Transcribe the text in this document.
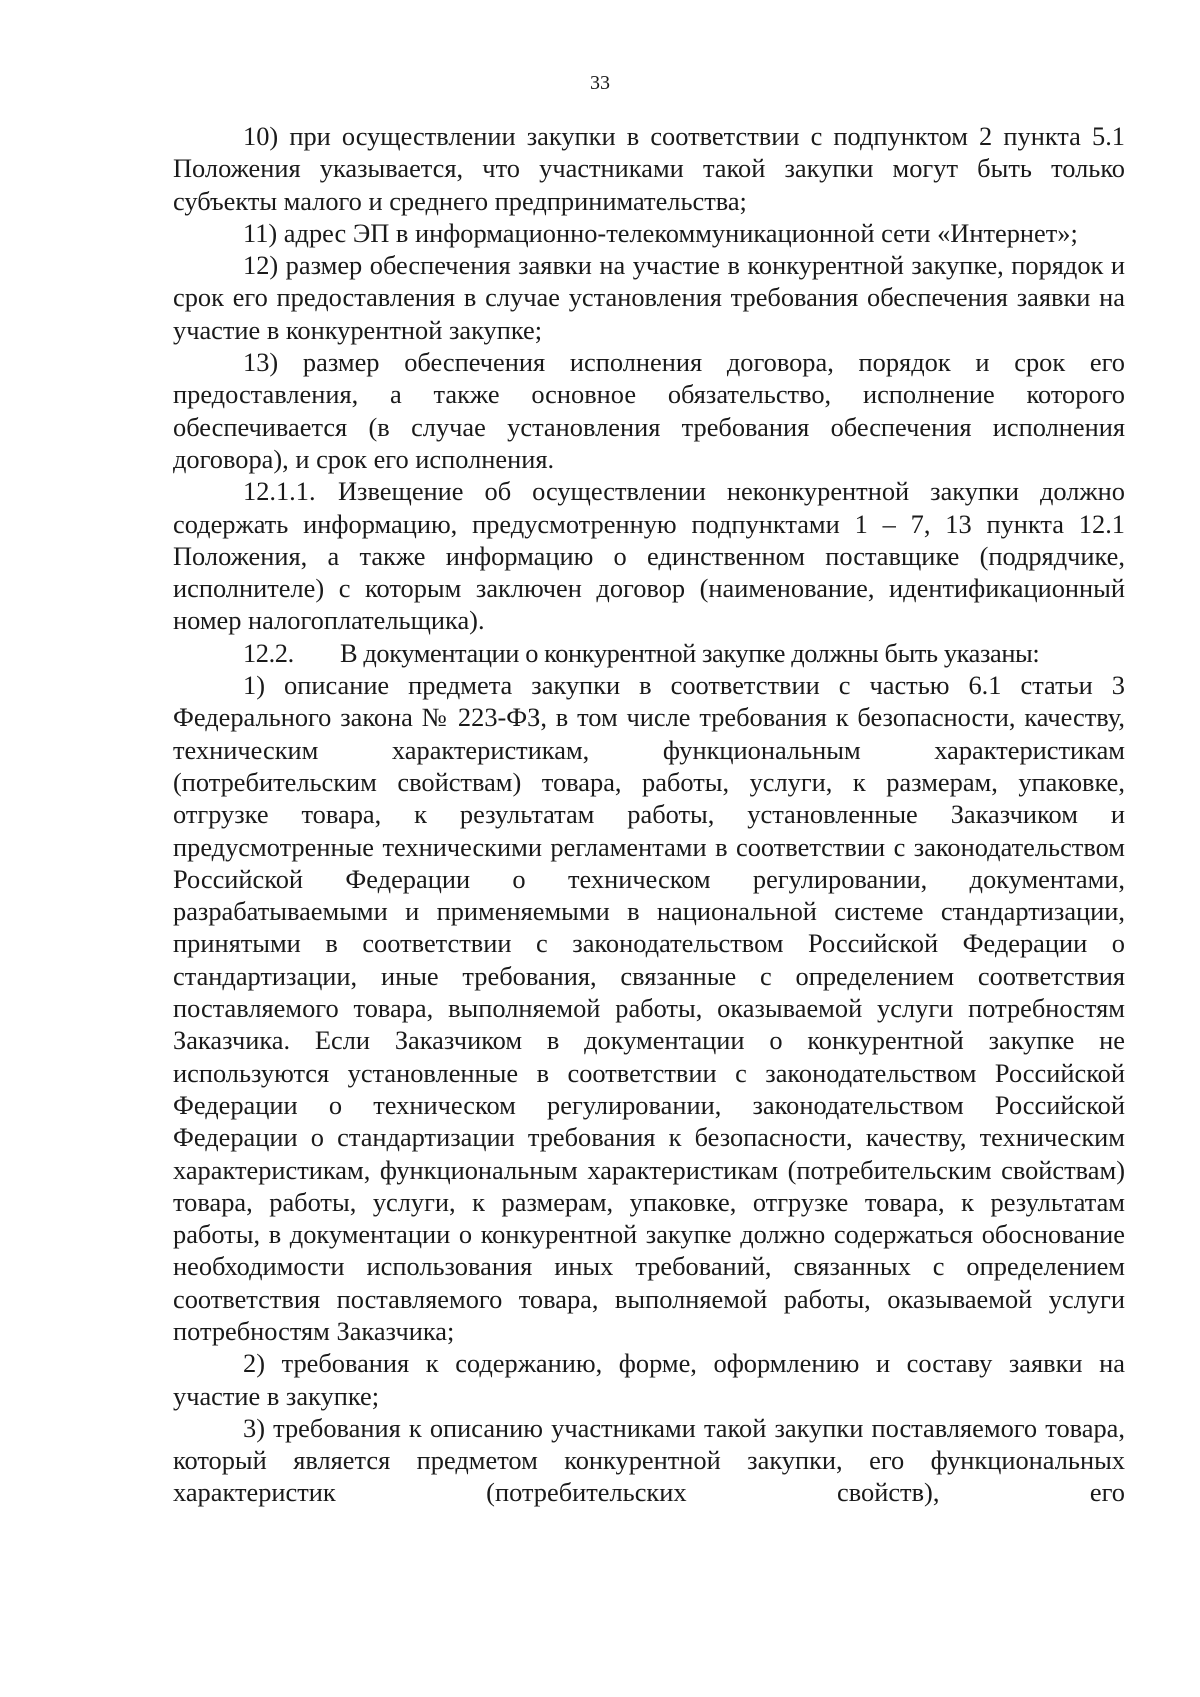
33

10) при осуществлении закупки в соответствии с подпунктом 2 пункта 5.1 Положения указывается, что участниками такой закупки могут быть только субъекты малого и среднего предпринимательства;

11) адрес ЭП в информационно-телекоммуникационной сети «Интернет»;

12) размер обеспечения заявки на участие в конкурентной закупке, порядок и срок его предоставления в случае установления требования обеспечения заявки на участие в конкурентной закупке;

13) размер обеспечения исполнения договора, порядок и срок его предоставления, а также основное обязательство, исполнение которого обеспечивается (в случае установления требования обеспечения исполнения договора), и срок его исполнения.

12.1.1. Извещение об осуществлении неконкурентной закупки должно содержать информацию, предусмотренную подпунктами 1 – 7, 13 пункта 12.1 Положения, а также информацию о единственном поставщике (подрядчике, исполнителе) с которым заключен договор (наименование, идентификационный номер налогоплательщика).

12.2. В документации о конкурентной закупке должны быть указаны:

1) описание предмета закупки в соответствии с частью 6.1 статьи 3 Федерального закона № 223-ФЗ, в том числе требования к безопасности, качеству, техническим характеристикам, функциональным характеристикам (потребительским свойствам) товара, работы, услуги, к размерам, упаковке, отгрузке товара, к результатам работы, установленные Заказчиком и предусмотренные техническими регламентами в соответствии с законодательством Российской Федерации о техническом регулировании, документами, разрабатываемыми и применяемыми в национальной системе стандартизации, принятыми в соответствии с законодательством Российской Федерации о стандартизации, иные требования, связанные с определением соответствия поставляемого товара, выполняемой работы, оказываемой услуги потребностям Заказчика. Если Заказчиком в документации о конкурентной закупке не используются установленные в соответствии с законодательством Российской Федерации о техническом регулировании, законодательством Российской Федерации о стандартизации требования к безопасности, качеству, техническим характеристикам, функциональным характеристикам (потребительским свойствам) товара, работы, услуги, к размерам, упаковке, отгрузке товара, к результатам работы, в документации о конкурентной закупке должно содержаться обоснование необходимости использования иных требований, связанных с определением соответствия поставляемого товара, выполняемой работы, оказываемой услуги потребностям Заказчика;

2) требования к содержанию, форме, оформлению и составу заявки на участие в закупке;

3) требования к описанию участниками такой закупки поставляемого товара, который является предметом конкурентной закупки, его функциональных характеристик (потребительских свойств), его
